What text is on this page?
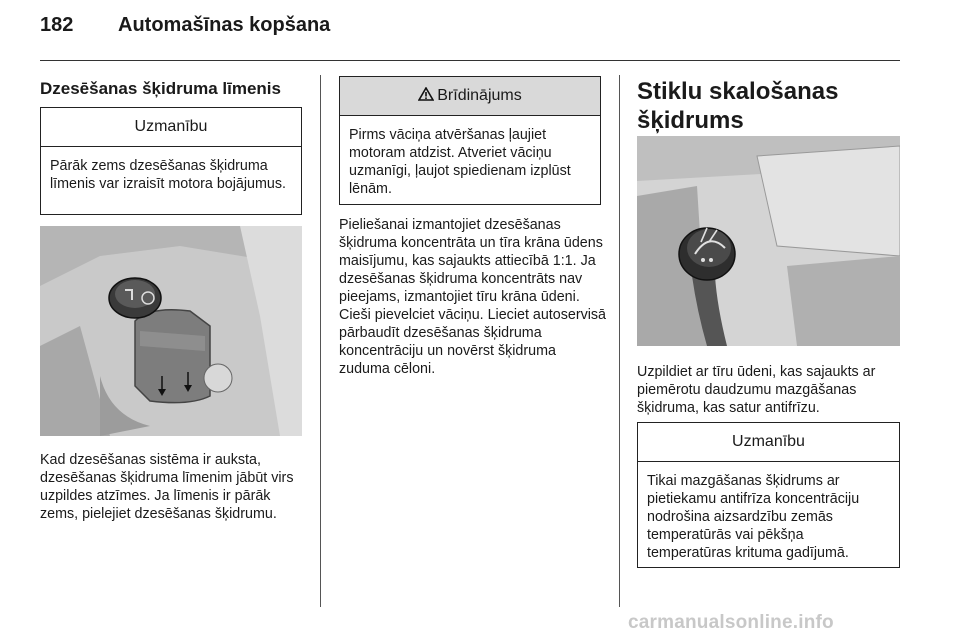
182 Automašīnas kopšana
Dzesēšanas šķidruma līmenis
Uzmanību
Pārāk zems dzesēšanas šķidruma līmenis var izraisīt motora bojājumus.
Kad dzesēšanas sistēma ir auksta, dzesēšanas šķidruma līmenim jābūt virs uzpildes atzīmes. Ja līmenis ir pārāk zems, pielejiet dzesēšanas šķidrumu.
Brīdinājums
Pirms vāciņa atvēršanas ļaujiet motoram atdzist. Atveriet vāciņu uzmanīgi, ļaujot spiedienam izplūst lēnām.
Pieliešanai izmantojiet dzesēšanas šķidruma koncentrāta un tīra krāna ūdens maisījumu, kas sajaukts attiecībā 1:1. Ja dzesēšanas šķidruma koncentrāts nav pieejams, izmantojiet tīru krāna ūdeni. Cieši pievelciet vāciņu. Lieciet autoservisā pārbaudīt dzesēšanas šķidruma koncentrāciju un novērst šķidruma zuduma cēloni.
Stiklu skalošanas šķidrums
Uzpildiet ar tīru ūdeni, kas sajaukts ar piemērotu daudzumu mazgāšanas šķidruma, kas satur antifrīzu.
Uzmanību
Tikai mazgāšanas šķidrums ar pietiekamu antifrīza koncentrāciju nodrošina aizsardzību zemās temperatūrās vai pēkšņa temperatūras krituma gadījumā.
carmanualsonline.info
